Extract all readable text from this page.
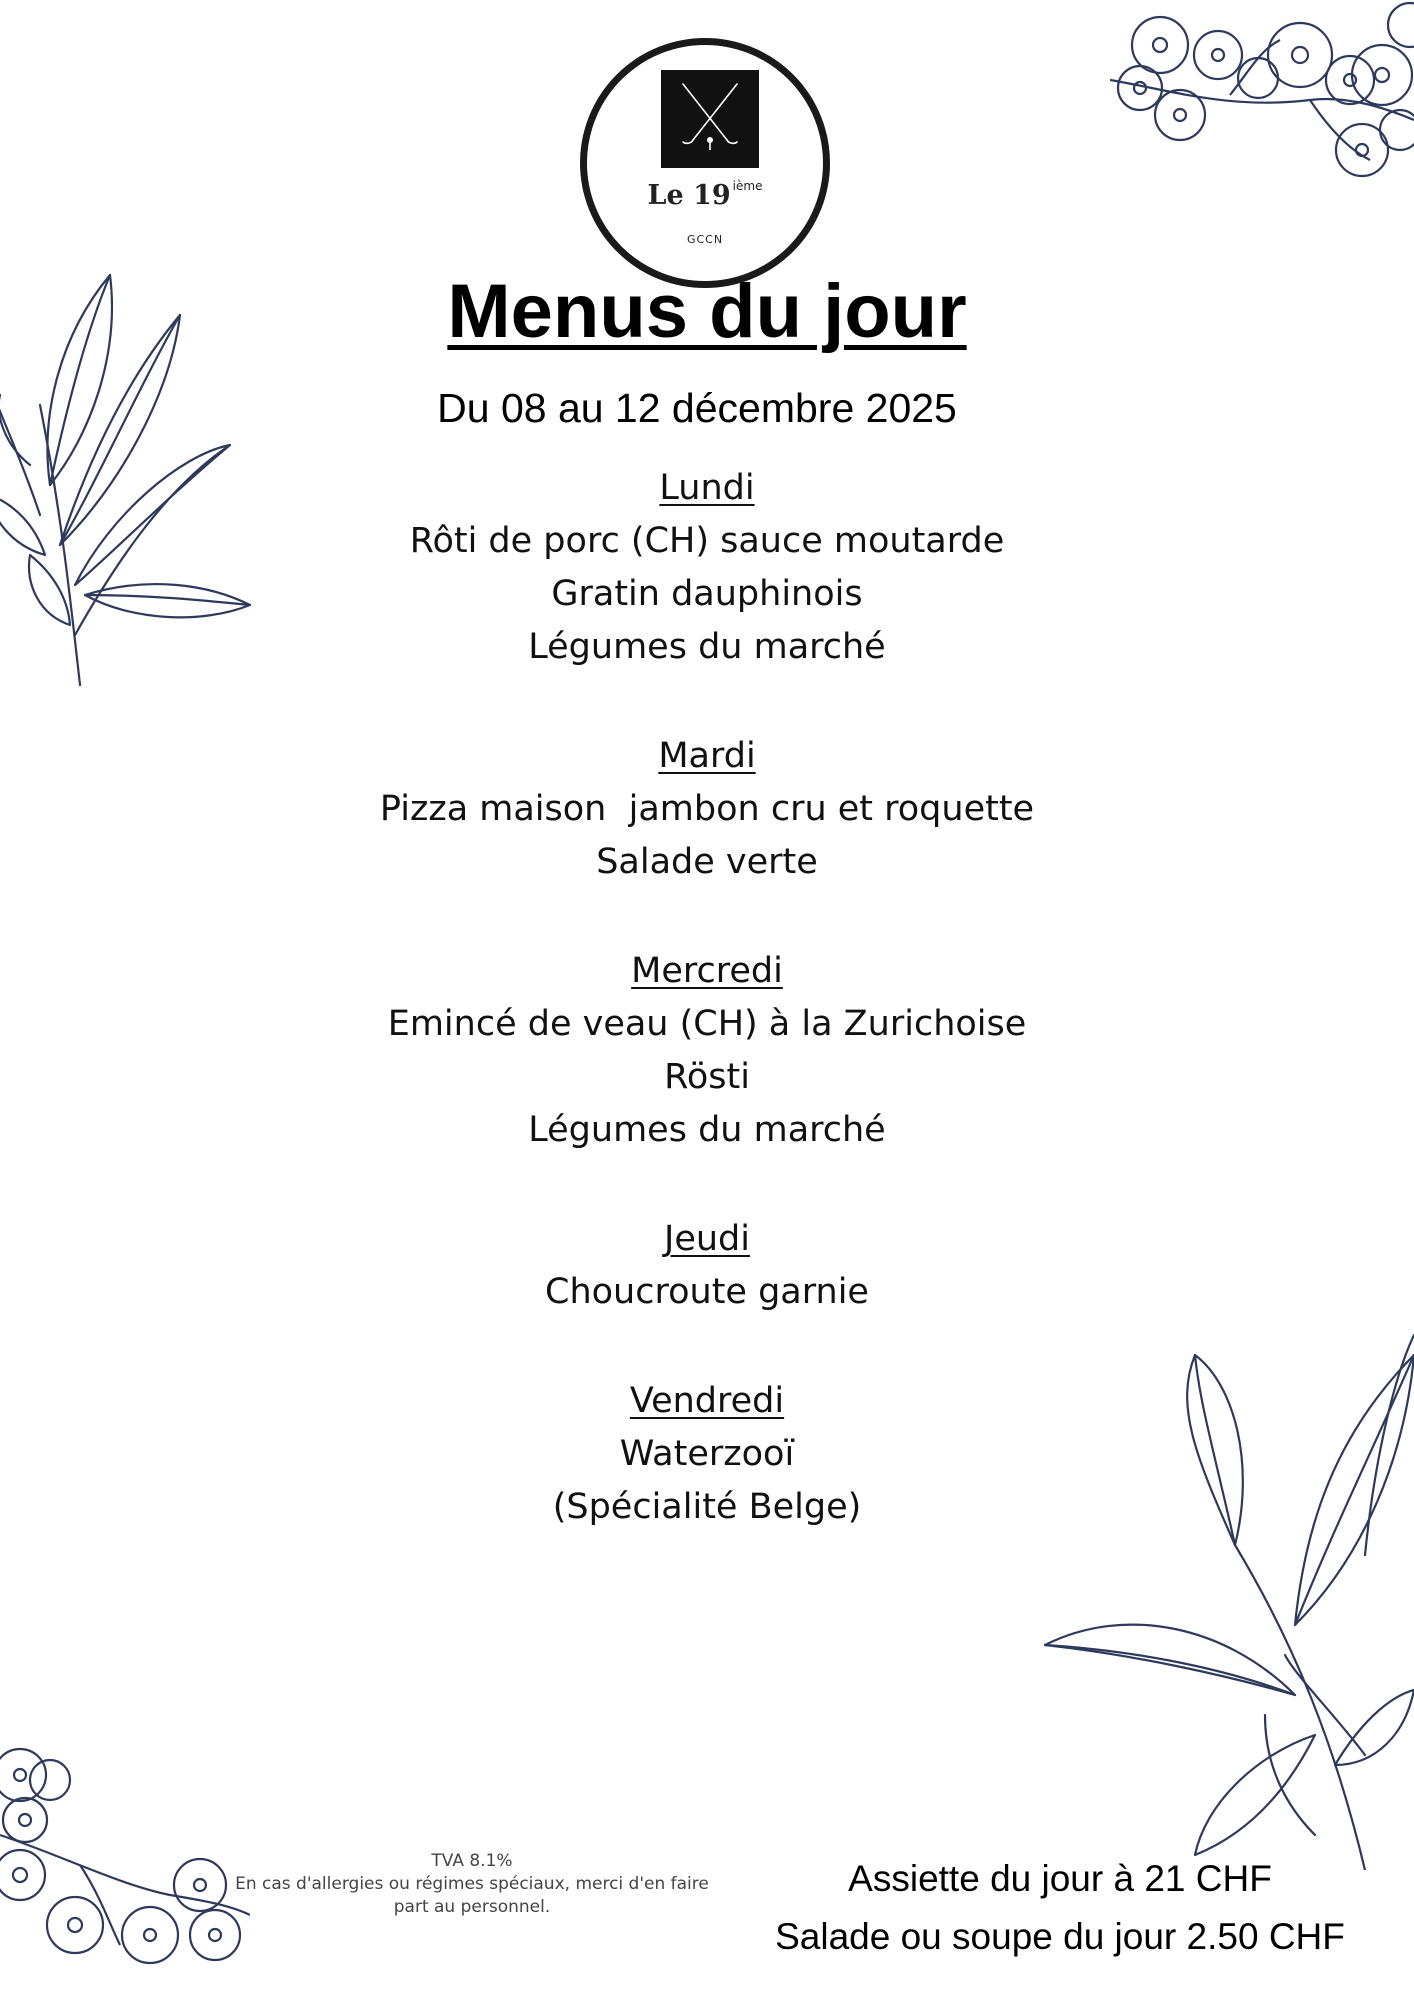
Le 19 $^{ième}$
GCCN
Menus du jour
Du 08 au 12 décembre 2025
Lundi
Rôti de porc (CH) sauce moutarde
Gratin dauphinois
Légumes du marché
Mardi
Pizza maison  jambon cru et roquette
Salade verte
Mercredi
Emincé de veau (CH) à la Zurichoise
Rösti
Légumes du marché
Jeudi
Choucroute garnie
Vendredi
Waterzooï
(Spécialité Belge)
TVA 8.1%
En cas d'allergies ou régimes spéciaux, merci d'en faire
part au personnel.
Assiette du jour à 21 CHF
Salade ou soupe du jour 2.50 CHF
